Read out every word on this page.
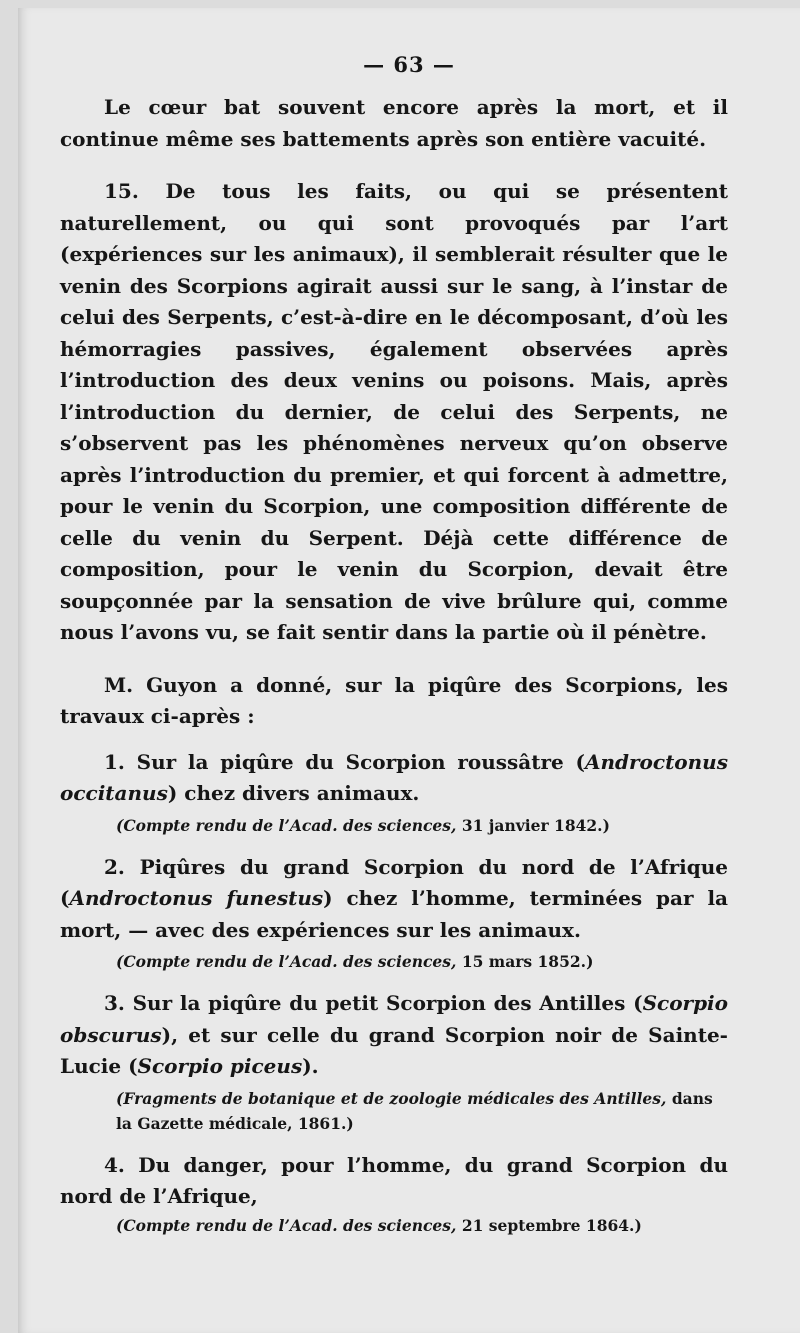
— 63 —

Le cœur bat souvent encore après la mort, et il continue même ses battements après son entière vacuité.

15. De tous les faits, ou qui se présentent naturellement, ou qui sont provoqués par l’art (expériences sur les animaux), il semblerait résulter que le venin des Scorpions agirait aussi sur le sang, à l’instar de celui des Serpents, c’est-à-dire en le décomposant, d’où les hémorragies passives, également observées après l’introduction des deux venins ou poisons. Mais, après l’introduction du dernier, de celui des Serpents, ne s’observent pas les phénomènes nerveux qu’on observe après l’introduction du premier, et qui forcent à admettre, pour le venin du Scorpion, une composition différente de celle du venin du Serpent. Déjà cette différence de composition, pour le venin du Scorpion, devait être soupçonnée par la sensation de vive brûlure qui, comme nous l’avons vu, se fait sentir dans la partie où il pénètre.

M. Guyon a donné, sur la piqûre des Scorpions, les travaux ci-après :

1. Sur la piqûre du Scorpion roussâtre (Androctonus occitanus) chez divers animaux.

(Compte rendu de l’Acad. des sciences, 31 janvier 1842.)

2. Piqûres du grand Scorpion du nord de l’Afrique (Androctonus funestus) chez l’homme, terminées par la mort, — avec des expériences sur les animaux.

(Compte rendu de l’Acad. des sciences, 15 mars 1852.)

3. Sur la piqûre du petit Scorpion des Antilles (Scorpio obscurus), et sur celle du grand Scorpion noir de Sainte-Lucie (Scorpio piceus).

(Fragments de botanique et de zoologie médicales des Antilles, dans la Gazette médicale, 1861.)

4. Du danger, pour l’homme, du grand Scorpion du nord de l’Afrique,

(Compte rendu de l’Acad. des sciences, 21 septembre 1864.)
